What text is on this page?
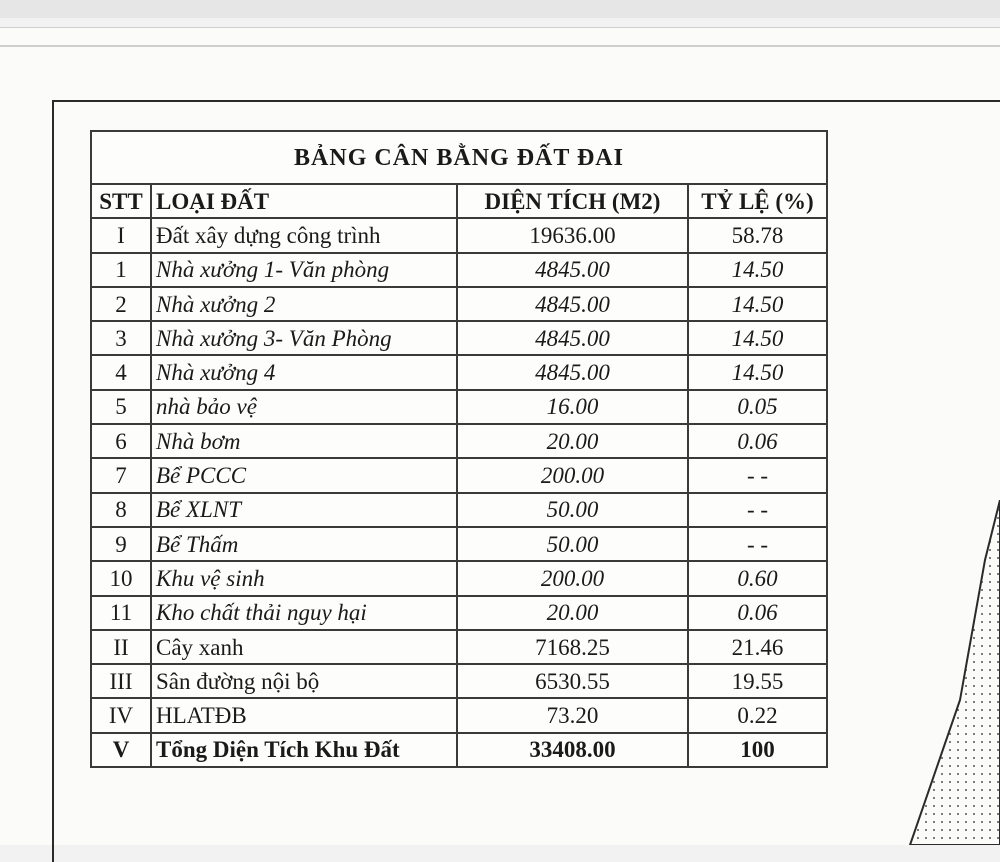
BẢNG CÂN BẰNG ĐẤT ĐAI			
STT	LOẠI ĐẤT	DIỆN TÍCH (M2)	TỶ LỆ (%)
I	Đất xây dựng công trình	19636.00	58.78
1	Nhà xưởng 1- Văn phòng	4845.00	14.50
2	Nhà xưởng 2	4845.00	14.50
3	Nhà xưởng 3- Văn Phòng	4845.00	14.50
4	Nhà xưởng 4	4845.00	14.50
5	nhà bảo vệ	16.00	0.05
6	Nhà bơm	20.00	0.06
7	Bể PCCC	200.00	- -
8	Bể XLNT	50.00	- -
9	Bể Thấm	50.00	- -
10	Khu vệ sinh	200.00	0.60
11	Kho chất thải nguy hại	20.00	0.06
II	Cây xanh	7168.25	21.46
III	Sân đường nội bộ	6530.55	19.55
IV	HLATĐB	73.20	0.22
V	Tổng Diện Tích Khu Đất	33408.00	100
